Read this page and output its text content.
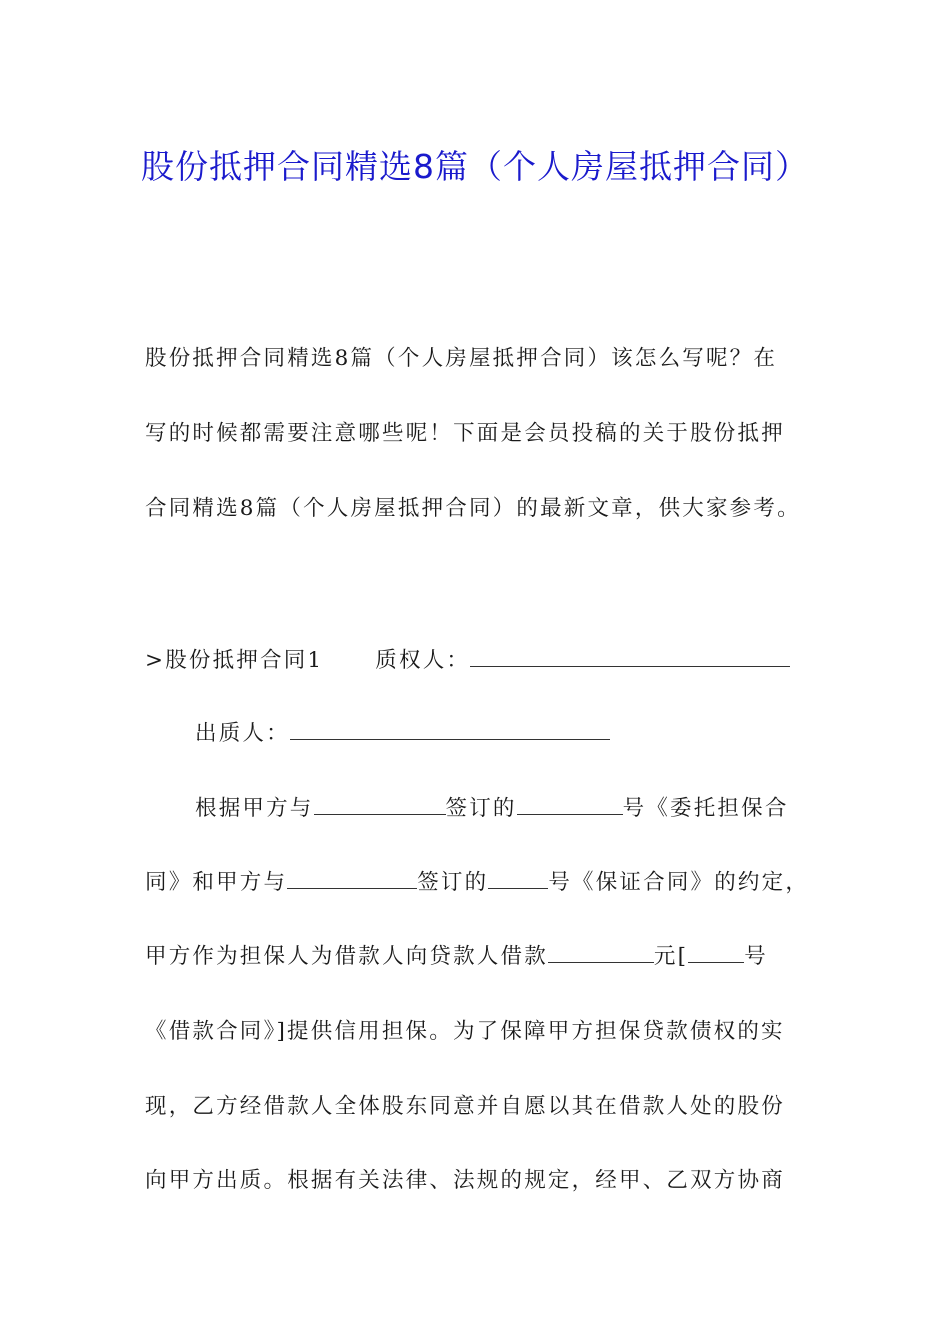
股份抵押合同精选8篇（个人房屋抵押合同）
股份抵押合同精选8篇（个人房屋抵押合同）该怎么写呢？在
写的时候都需要注意哪些呢！下面是会员投稿的关于股份抵押
合同精选8篇（个人房屋抵押合同）的最新文章，供大家参考。
>股份抵押合同1 质权人：
出质人：
根据甲方与	签订的	号《委托担保合
同》和甲方与	签订的	号《保证合同》的约定，
甲方作为担保人为借款人向贷款人借款	元[	号
《借款合同》]提供信用担保。为了保障甲方担保贷款债权的实
现，乙方经借款人全体股东同意并自愿以其在借款人处的股份
向甲方出质。根据有关法律、法规的规定，经甲、乙双方协商
